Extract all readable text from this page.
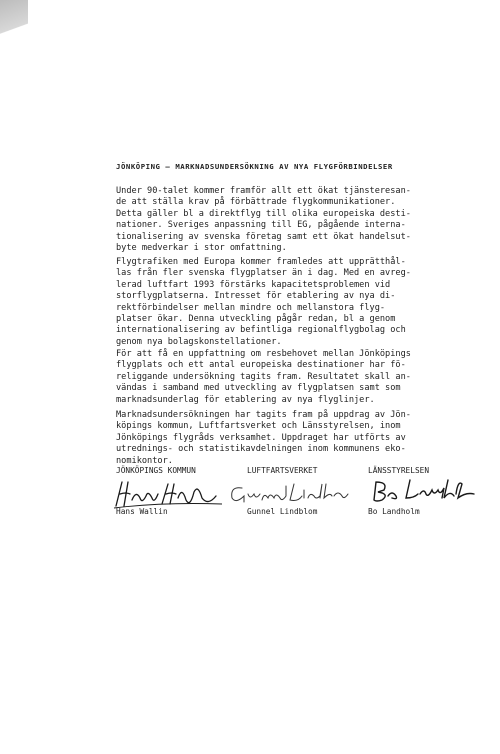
JÖNKÖPING – MARKNADSUNDERSÖKNING AV NYA FLYGFÖRBINDELSER
Under 90-talet kommer framför allt ett ökat tjänsteresan-
de att ställa krav på förbättrade flygkommunikationer.
Detta gäller bl a direktflyg till olika europeiska desti-
nationer. Sveriges anpassning till EG, pågående interna-
tionalisering av svenska företag samt ett ökat handelsut-
byte medverkar i stor omfattning.
Flygtrafiken med Europa kommer framledes att upprätthål-
las från fler svenska flygplatser än i dag. Med en avreg-
lerad luftfart 1993 förstärks kapacitetsproblemen vid
storflygplatserna. Intresset för etablering av nya di-
rektförbindelser mellan mindre och mellanstora flyg-
platser ökar. Denna utveckling pågår redan, bl a genom
internationalisering av befintliga regionalflygbolag och
genom nya bolagskonstellationer.
För att få en uppfattning om resbehovet mellan Jönköpings
flygplats och ett antal europeiska destinationer har fö-
religgande undersökning tagits fram. Resultatet skall an-
vändas i samband med utveckling av flygplatsen samt som
marknadsunderlag för etablering av nya flyglinjer.
Marknadsundersökningen har tagits fram på uppdrag av Jön-
köpings kommun, Luftfartsverket och Länsstyrelsen, inom
Jönköpings flygråds verksamhet. Uppdraget har utförts av
utrednings- och statistikavdelningen inom kommunens eko-
nomikontor.
JÖNKÖPINGS KOMMUN	LUFTFARTSVERKET	LÄNSSTYRELSEN
Hans Wallin	Gunnel Lindblom	Bo Landholm
